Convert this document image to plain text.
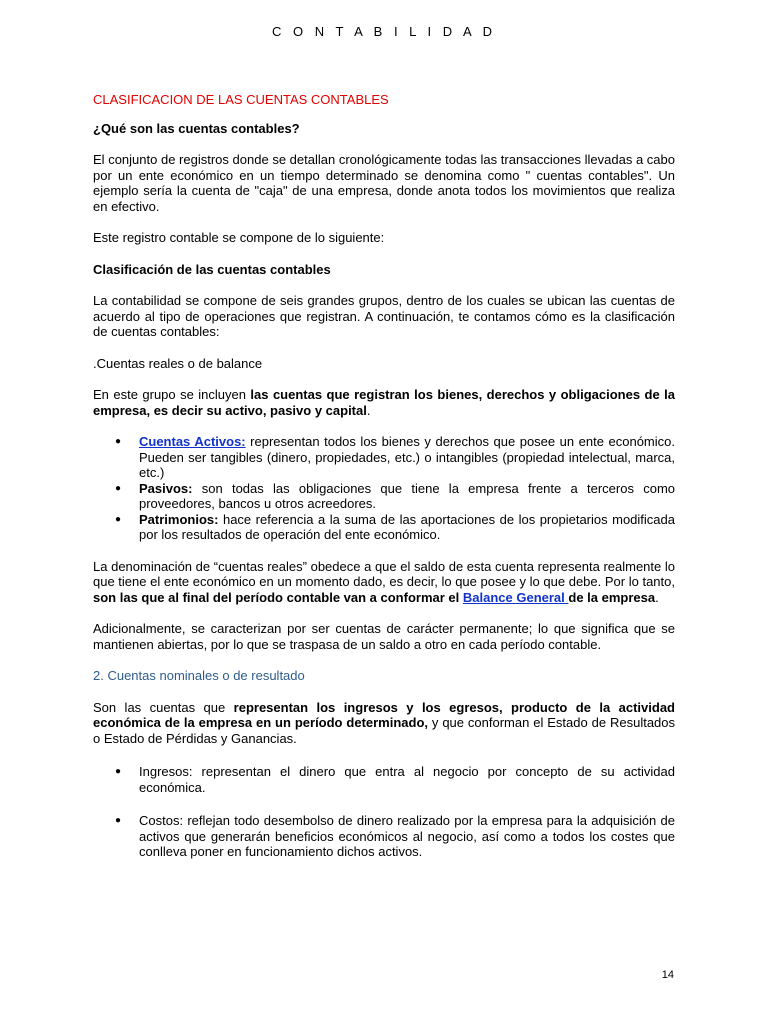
C O N T A B I L I D A D

CLASIFICACION DE LAS CUENTAS CONTABLES

¿Qué son las cuentas contables?

El conjunto de registros donde se detallan cronológicamente todas las transacciones llevadas a cabo por un ente económico en un tiempo determinado se denomina como " cuentas contables". Un ejemplo sería la cuenta de "caja" de una empresa, donde anota todos los movimientos que realiza en efectivo.

Este registro contable se compone de lo siguiente:

Clasificación de las cuentas contables

La contabilidad se compone de seis grandes grupos, dentro de los cuales se ubican las cuentas de acuerdo al tipo de operaciones que registran. A continuación, te contamos cómo es la clasificación de cuentas contables:

.Cuentas reales o de balance

En este grupo se incluyen las cuentas que registran los bienes, derechos y obligaciones de la empresa, es decir su activo, pasivo y capital.

● Cuentas Activos: representan todos los bienes y derechos que posee un ente económico. Pueden ser tangibles (dinero, propiedades, etc.) o intangibles (propiedad intelectual, marca, etc.)
● Pasivos: son todas las obligaciones que tiene la empresa frente a terceros como proveedores, bancos u otros acreedores.
● Patrimonios: hace referencia a la suma de las aportaciones de los propietarios modificada por los resultados de operación del ente económico.

La denominación de “cuentas reales” obedece a que el saldo de esta cuenta representa realmente lo que tiene el ente económico en un momento dado, es decir, lo que posee y lo que debe. Por lo tanto, son las que al final del período contable van a conformar el Balance General de la empresa.

Adicionalmente, se caracterizan por ser cuentas de carácter permanente; lo que significa que se mantienen abiertas, por lo que se traspasa de un saldo a otro en cada período contable.

2. Cuentas nominales o de resultado

Son las cuentas que representan los ingresos y los egresos, producto de la actividad económica de la empresa en un período determinado, y que conforman el Estado de Resultados o Estado de Pérdidas y Ganancias.

● Ingresos: representan el dinero que entra al negocio por concepto de su actividad económica.
● Costos: reflejan todo desembolso de dinero realizado por la empresa para la adquisición de activos que generarán beneficios económicos al negocio, así como a todos los costes que conlleva poner en funcionamiento dichos activos.
14
